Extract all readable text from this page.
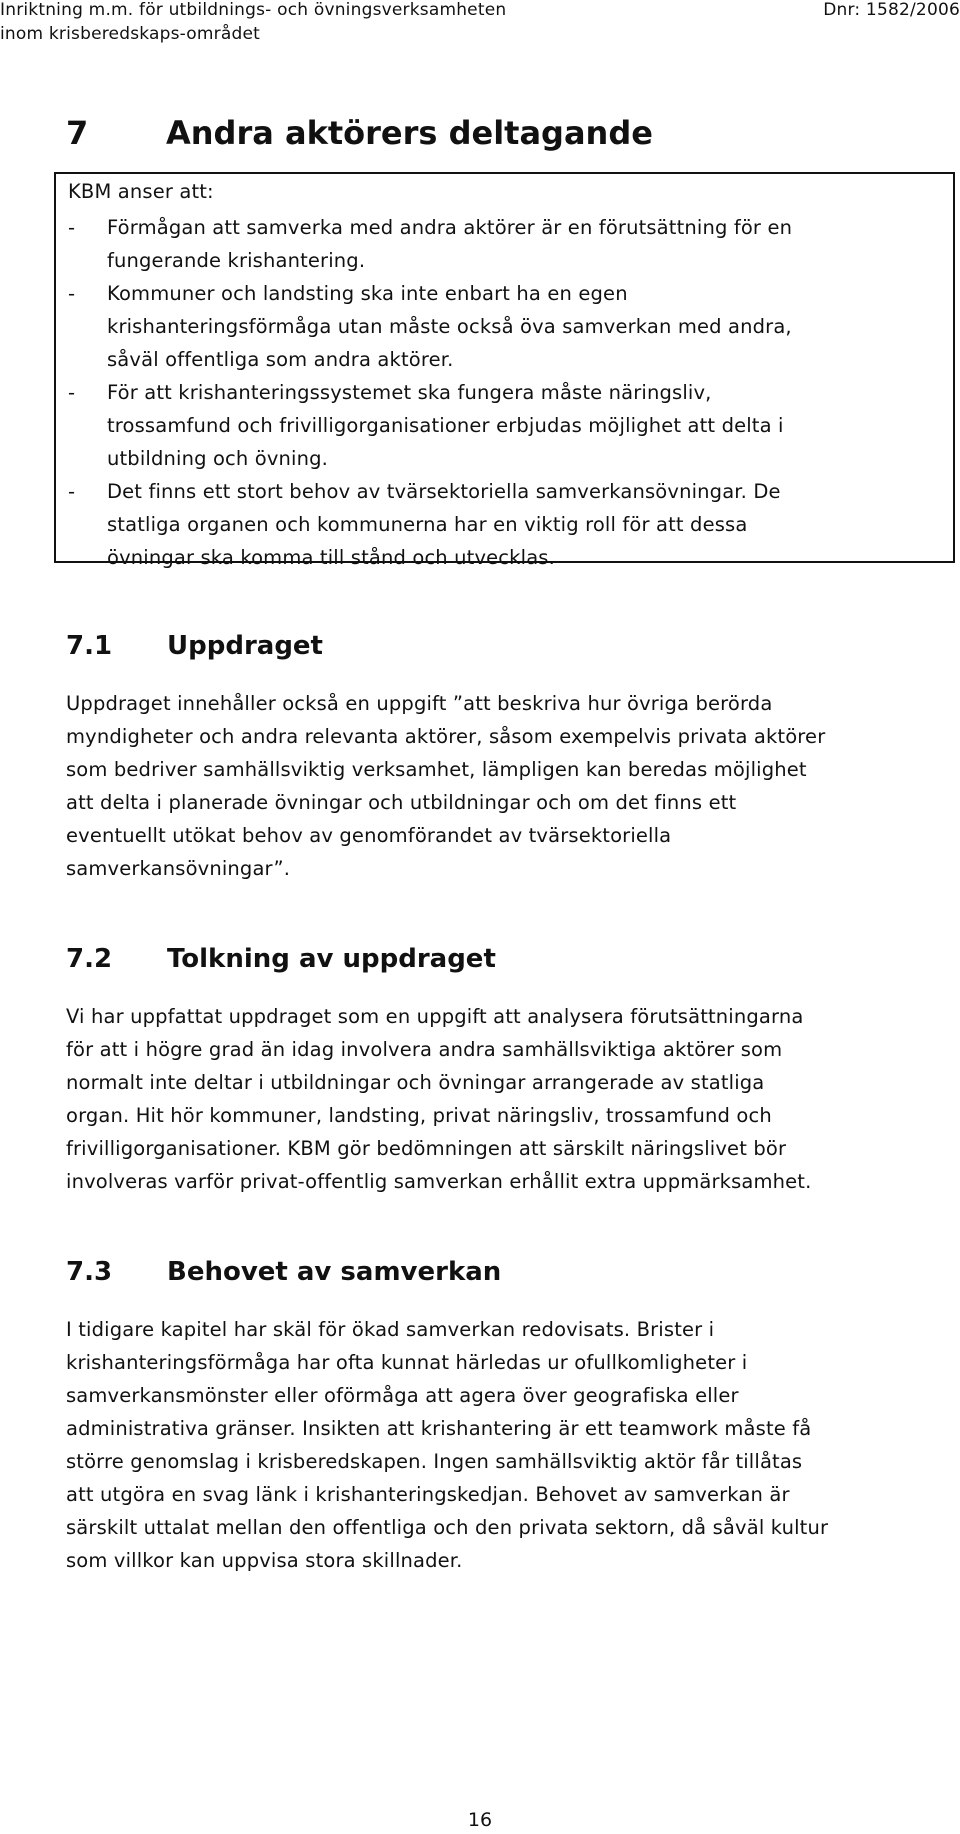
Inriktning m.m. för utbildnings- och övningsverksamheten
inom krisberedskaps-området
Dnr: 1582/2006
7 Andra aktörers deltagande
KBM anser att:
- Förmågan att samverka med andra aktörer är en förutsättning för en
fungerande krishantering.
- Kommuner och landsting ska inte enbart ha en egen
krishanteringsförmåga utan måste också öva samverkan med andra,
såväl offentliga som andra aktörer.
- För att krishanteringssystemet ska fungera måste näringsliv,
trossamfund och frivilligorganisationer erbjudas möjlighet att delta i
utbildning och övning.
- Det finns ett stort behov av tvärsektoriella samverkansövningar. De
statliga organen och kommunerna har en viktig roll för att dessa
övningar ska komma till stånd och utvecklas.
7.1 Uppdraget
Uppdraget innehåller också en uppgift ”att beskriva hur övriga berörda
myndigheter och andra relevanta aktörer, såsom exempelvis privata aktörer
som bedriver samhällsviktig verksamhet, lämpligen kan beredas möjlighet
att delta i planerade övningar och utbildningar och om det finns ett
eventuellt utökat behov av genomförandet av tvärsektoriella
samverkansövningar”.
7.2 Tolkning av uppdraget
Vi har uppfattat uppdraget som en uppgift att analysera förutsättningarna
för att i högre grad än idag involvera andra samhällsviktiga aktörer som
normalt inte deltar i utbildningar och övningar arrangerade av statliga
organ. Hit hör kommuner, landsting, privat näringsliv, trossamfund och
frivilligorganisationer. KBM gör bedömningen att särskilt näringslivet bör
involveras varför privat-offentlig samverkan erhållit extra uppmärksamhet.
7.3 Behovet av samverkan
I tidigare kapitel har skäl för ökad samverkan redovisats. Brister i
krishanteringsförmåga har ofta kunnat härledas ur ofullkomligheter i
samverkansmönster eller oförmåga att agera över geografiska eller
administrativa gränser. Insikten att krishantering är ett teamwork måste få
större genomslag i krisberedskapen. Ingen samhällsviktig aktör får tillåtas
att utgöra en svag länk i krishanteringskedjan. Behovet av samverkan är
särskilt uttalat mellan den offentliga och den privata sektorn, då såväl kultur
som villkor kan uppvisa stora skillnader.
16
